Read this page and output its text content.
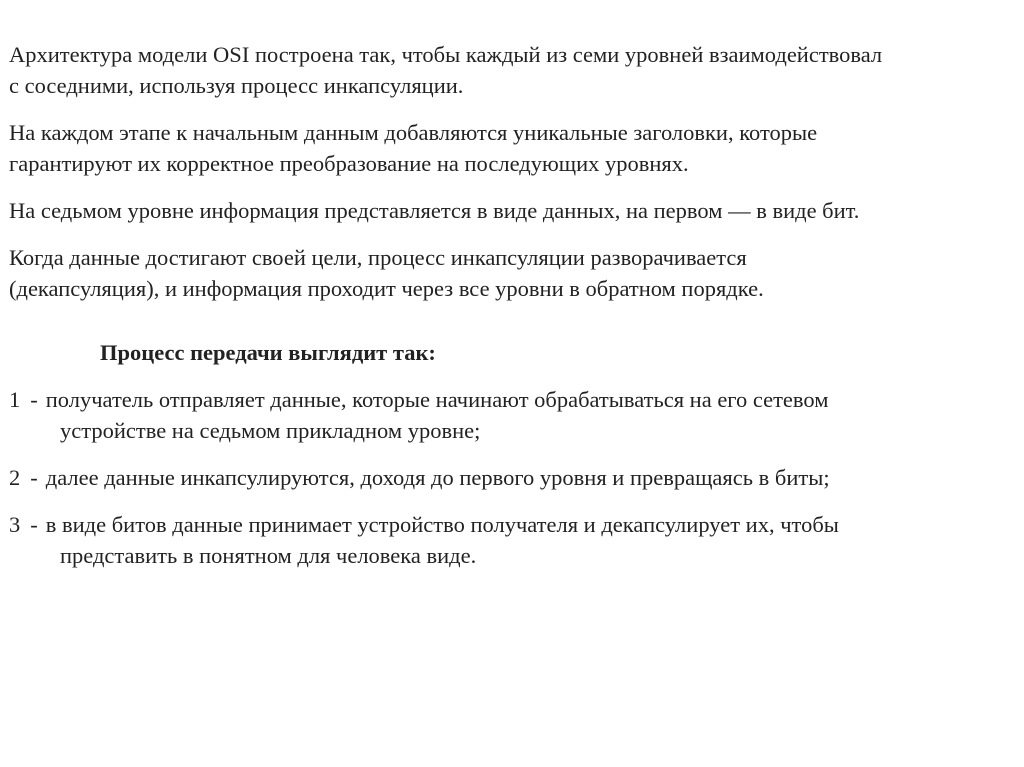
Архитектура модели OSI построена так, чтобы каждый из семи уровней взаимодействовал
с соседними, используя процесс инкапсуляции.

На каждом этапе к начальным данным добавляются уникальные заголовки, которые
гарантируют их корректное преобразование на последующих уровнях.

На седьмом уровне информация представляется в виде данных, на первом — в виде бит.

Когда данные достигают своей цели, процесс инкапсуляции разворачивается
(декапсуляция), и информация проходит через все уровни в обратном порядке.

Процесс передачи выглядит так:

1 - получатель отправляет данные, которые начинают обрабатываться на его сетевом
устройстве на седьмом прикладном уровне;

2 - далее данные инкапсулируются, доходя до первого уровня и превращаясь в биты;

3 - в виде битов данные принимает устройство получателя и декапсулирует их, чтобы
представить в понятном для человека виде.
